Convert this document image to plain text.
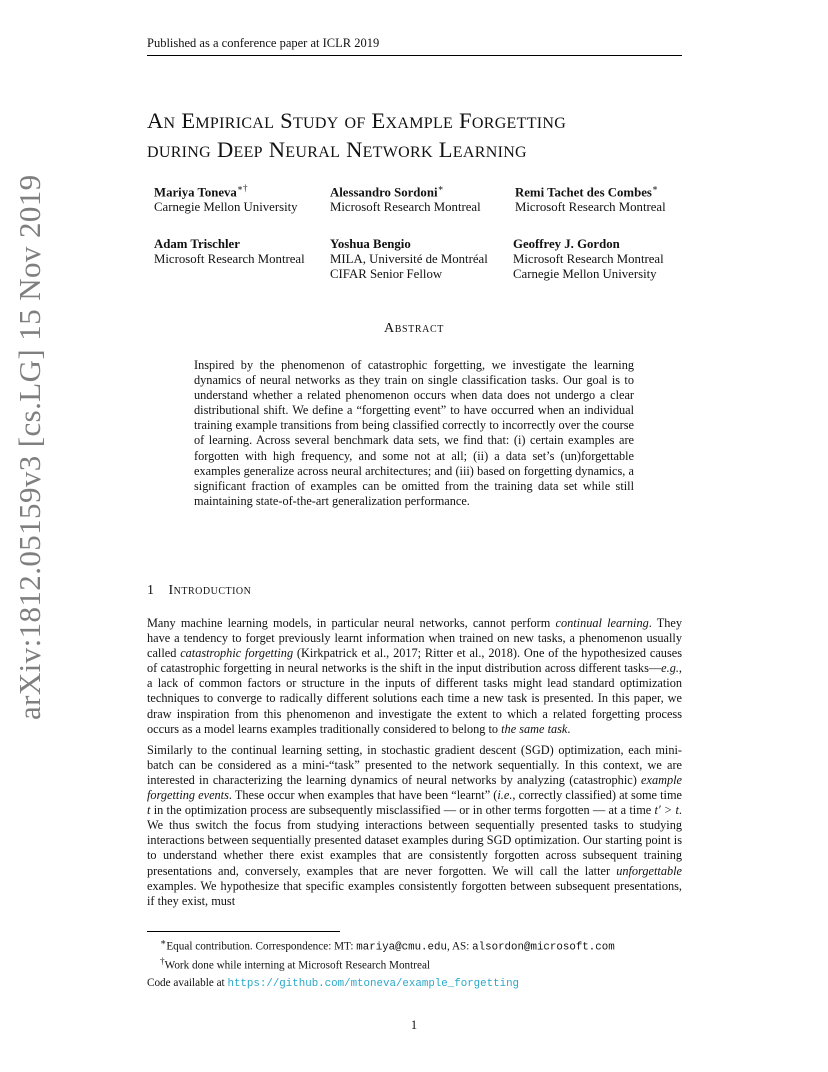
Published as a conference paper at ICLR 2019
arXiv:1812.05159v3 [cs.LG] 15 Nov 2019
An Empirical Study of Example Forgetting
during Deep Neural Network Learning
Mariya Toneva∗†
Carnegie Mellon University
Alessandro Sordoni∗
Microsoft Research Montreal
Remi Tachet des Combes∗
Microsoft Research Montreal
Adam Trischler
Microsoft Research Montreal
Yoshua Bengio
MILA, Université de Montréal
CIFAR Senior Fellow
Geoffrey J. Gordon
Microsoft Research Montreal
Carnegie Mellon University
Abstract
Inspired by the phenomenon of catastrophic forgetting, we investigate the learning dynamics of neural networks as they train on single classification tasks. Our goal is to understand whether a related phenomenon occurs when data does not undergo a clear distributional shift. We define a “forgetting event” to have occurred when an individual training example transitions from being classified correctly to incorrectly over the course of learning. Across several benchmark data sets, we find that: (i) certain examples are forgotten with high frequency, and some not at all; (ii) a data set’s (un)forgettable examples generalize across neural architectures; and (iii) based on forgetting dynamics, a significant fraction of examples can be omitted from the training data set while still maintaining state-of-the-art generalization performance.
1 Introduction

Many machine learning models, in particular neural networks, cannot perform continual learning. They have a tendency to forget previously learnt information when trained on new tasks, a phenomenon usually called catastrophic forgetting (Kirkpatrick et al., 2017; Ritter et al., 2018). One of the hypothesized causes of catastrophic forgetting in neural networks is the shift in the input distribution across different tasks—e.g., a lack of common factors or structure in the inputs of different tasks might lead standard optimization techniques to converge to radically different solutions each time a new task is presented. In this paper, we draw inspiration from this phenomenon and investigate the extent to which a related forgetting process occurs as a model learns examples traditionally considered to belong to the same task.

Similarly to the continual learning setting, in stochastic gradient descent (SGD) optimization, each mini-batch can be considered as a mini-“task” presented to the network sequentially. In this context, we are interested in characterizing the learning dynamics of neural networks by analyzing (catastrophic) example forgetting events. These occur when examples that have been “learnt” (i.e., correctly classified) at some time t in the optimization process are subsequently misclassified — or in other terms forgotten — at a time t′ > t. We thus switch the focus from studying interactions between sequentially presented tasks to studying interactions between sequentially presented dataset examples during SGD optimization. Our starting point is to understand whether there exist examples that are consistently forgotten across subsequent training presentations and, conversely, examples that are never forgotten. We will call the latter unforgettable examples. We hypothesize that specific examples consistently forgotten between subsequent presentations, if they exist, must

∗Equal contribution. Correspondence: MT: mariya@cmu.edu, AS: alsordon@microsoft.com
†Work done while interning at Microsoft Research Montreal
Code available at https://github.com/mtoneva/example_forgetting
1
